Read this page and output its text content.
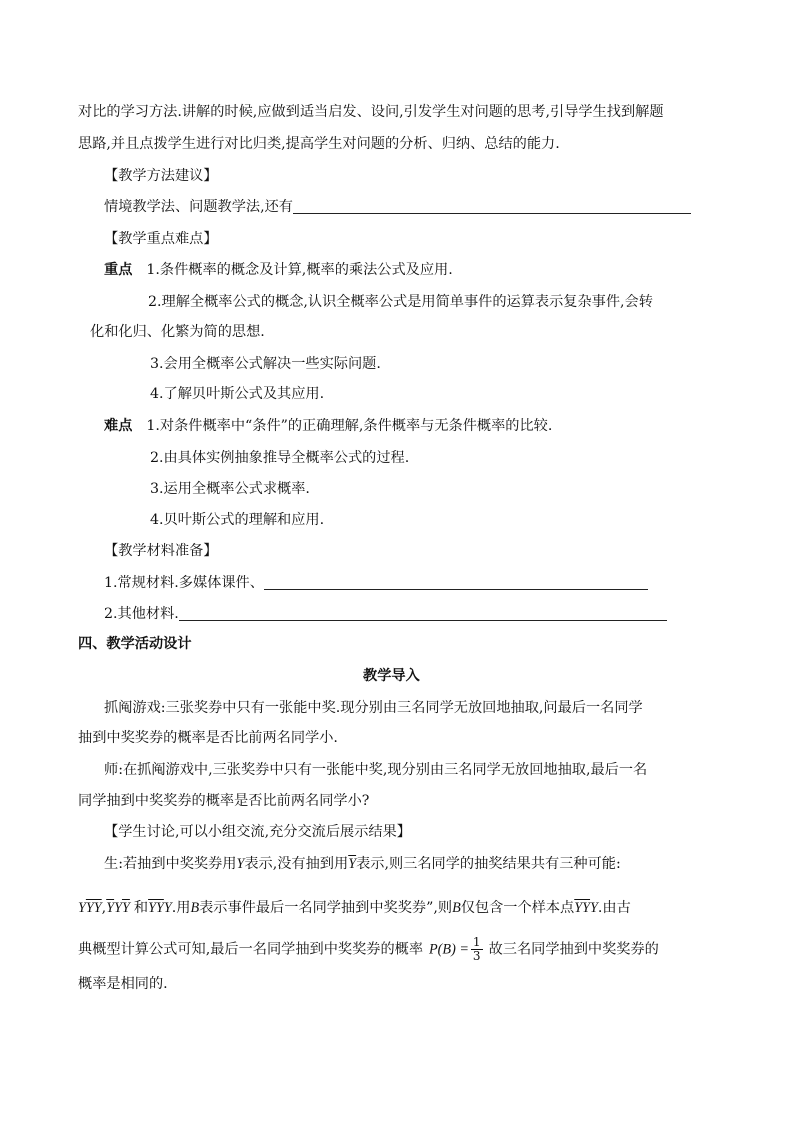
对比的学习方法.讲解的时候,应做到适当启发、设问,引发学生对问题的思考,引导学生找到解题
思路,并且点拨学生进行对比归类,提高学生对问题的分析、归纳、总结的能力.
【教学方法建议】
情境教学法、问题教学法,还有
【教学重点难点】
重点 1.条件概率的概念及计算,概率的乘法公式及应用.
2.理解全概率公式的概念,认识全概率公式是用简单事件的运算表示复杂事件,会转
化和化归、化繁为简的思想.
3.会用全概率公式解决一些实际问题.
4.了解贝叶斯公式及其应用.
难点 1.对条件概率中“条件”的正确理解,条件概率与无条件概率的比较.
2.由具体实例抽象推导全概率公式的过程.
3.运用全概率公式求概率.
4.贝叶斯公式的理解和应用.
【教学材料准备】
1.常规材料.多媒体课件、
2.其他材料.
四、教学活动设计
教学导入
抓阄游戏:三张奖券中只有一张能中奖.现分别由三名同学无放回地抽取,问最后一名同学
抽到中奖奖券的概率是否比前两名同学小.
师:在抓阄游戏中,三张奖券中只有一张能中奖,现分别由三名同学无放回地抽取,最后一名
同学抽到中奖奖券的概率是否比前两名同学小?
【学生讨论,可以小组交流,充分交流后展示结果】
生:若抽到中奖奖券用Y表示,没有抽到用$\overline{Y}$表示,则三名同学的抽奖结果共有三种可能:
$Y\overline{YY},\overline{Y}Y\overline{Y}$ 和$\overline{YY}Y$.用B表示事件最后一名同学抽到中奖奖券”,则B仅包含一个样本点$\overline{YY}Y$.由古
典概型计算公式可知,最后一名同学抽到中奖奖券的概率 $P(B) = \frac{1}{3}$ 故三名同学抽到中奖奖券的
概率是相同的.
